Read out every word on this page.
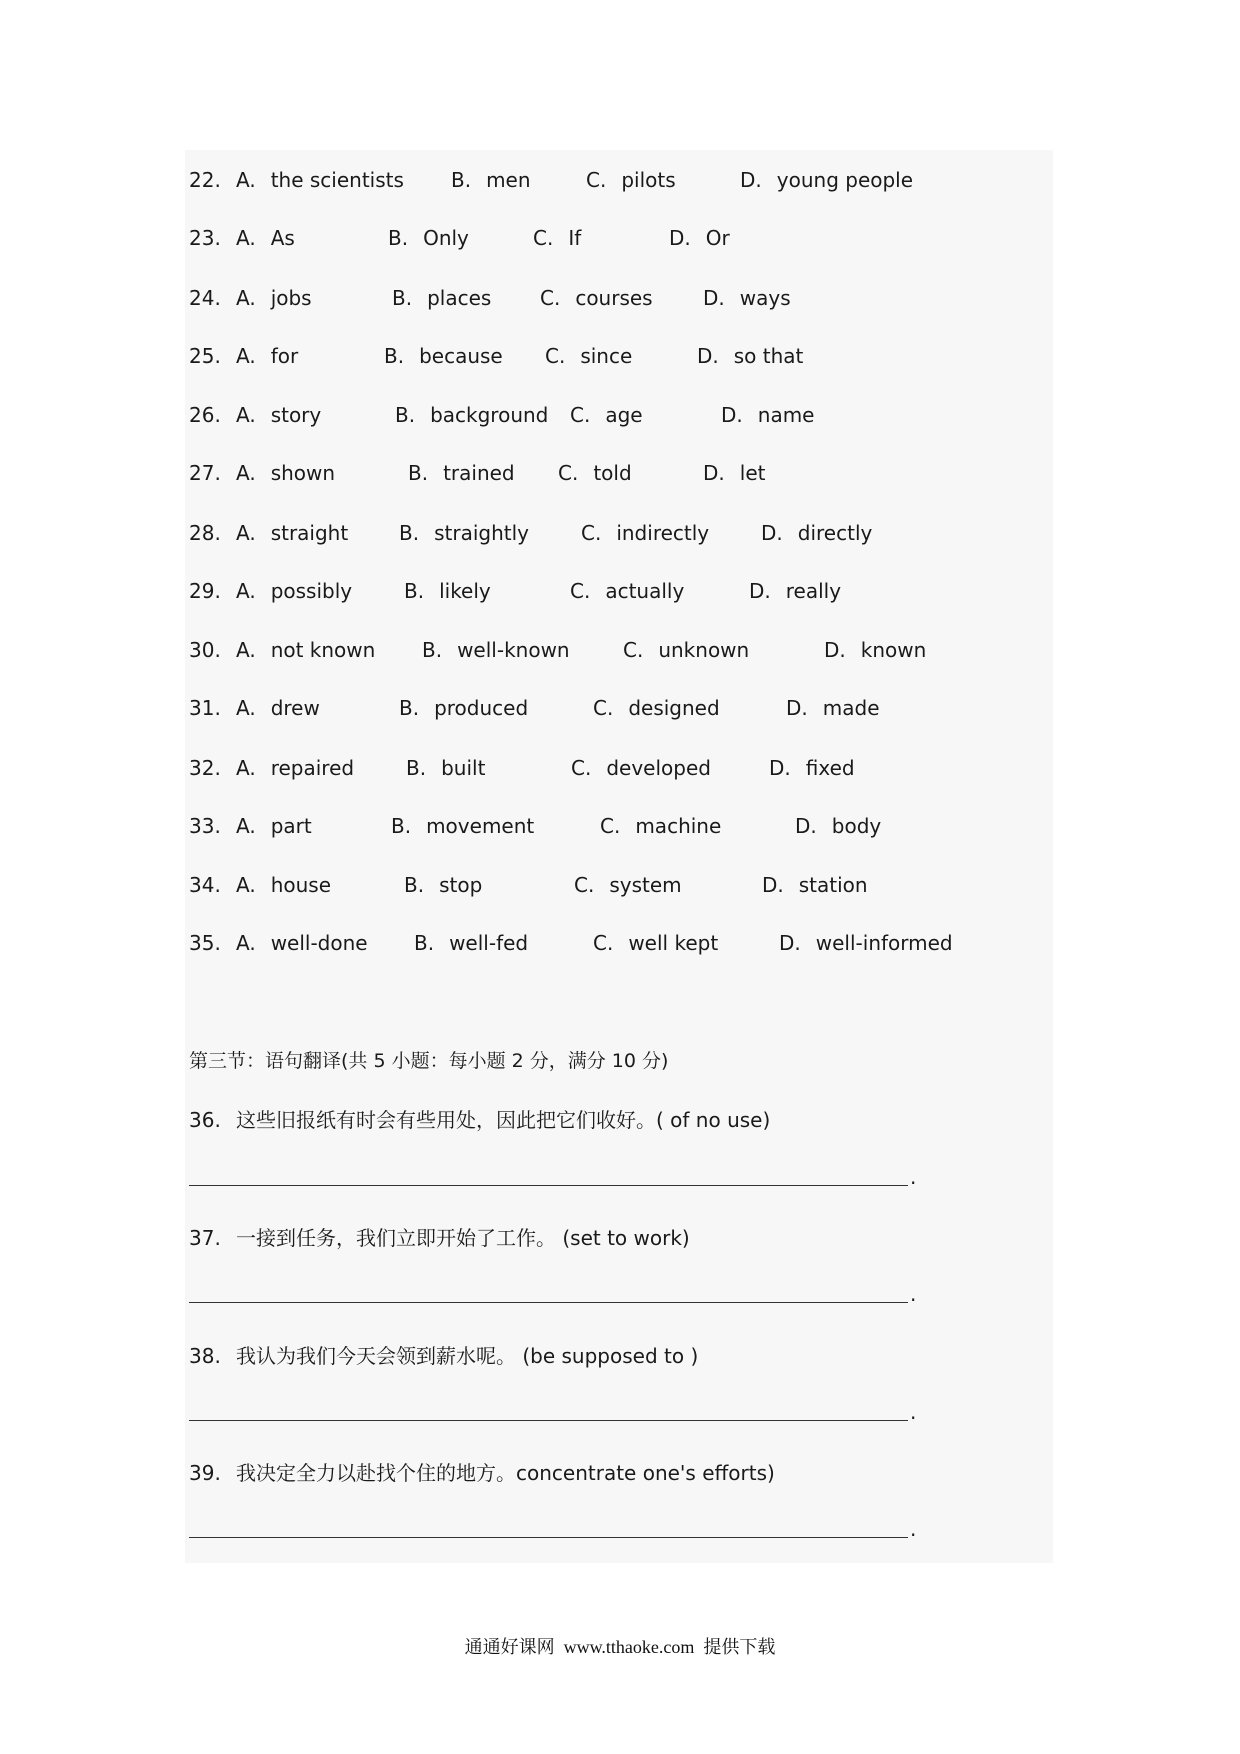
22. A. the scientists B. men	C. pilots	D. young people
23. A. As	B. Only	C. If	D. Or
24. A. jobs	B. places C. courses	D. ways
25. A. for	B. because C. since	D. so that
26. A. story	B. background C. age	D. name
27. A. shown	B. trained C. told	D. let
28. A. straight	B. straightly	C. indirectly	D. directly
29. A. possibly	B. likely	C. actually	D. really
30. A. not known B. well-known	C. unknown	D. known
31. A. drew	B. produced	C. designed	D. made
32. A. repaired	B. built	C. developed	D. fixed
33. A. part	B. movement	C. machine	D. body
34. A. house	B. stop	C. system	D. station
35. A. well-done B. well-fed	C. well kept	D. well-informed
第三节：语句翻译(共 5 小题：每小题 2 分，满分 10 分)
36. 这些旧报纸有时会有些用处，因此把它们收好。( of no use)
.
37. 一接到任务，我们立即开始了工作。 (set to work)
.
38. 我认为我们今天会领到薪水呢。 (be supposed to )
.
39. 我决定全力以赴找个住的地方。concentrate one's efforts)
.
通通好课网  www.tthaoke.com  提供下载
